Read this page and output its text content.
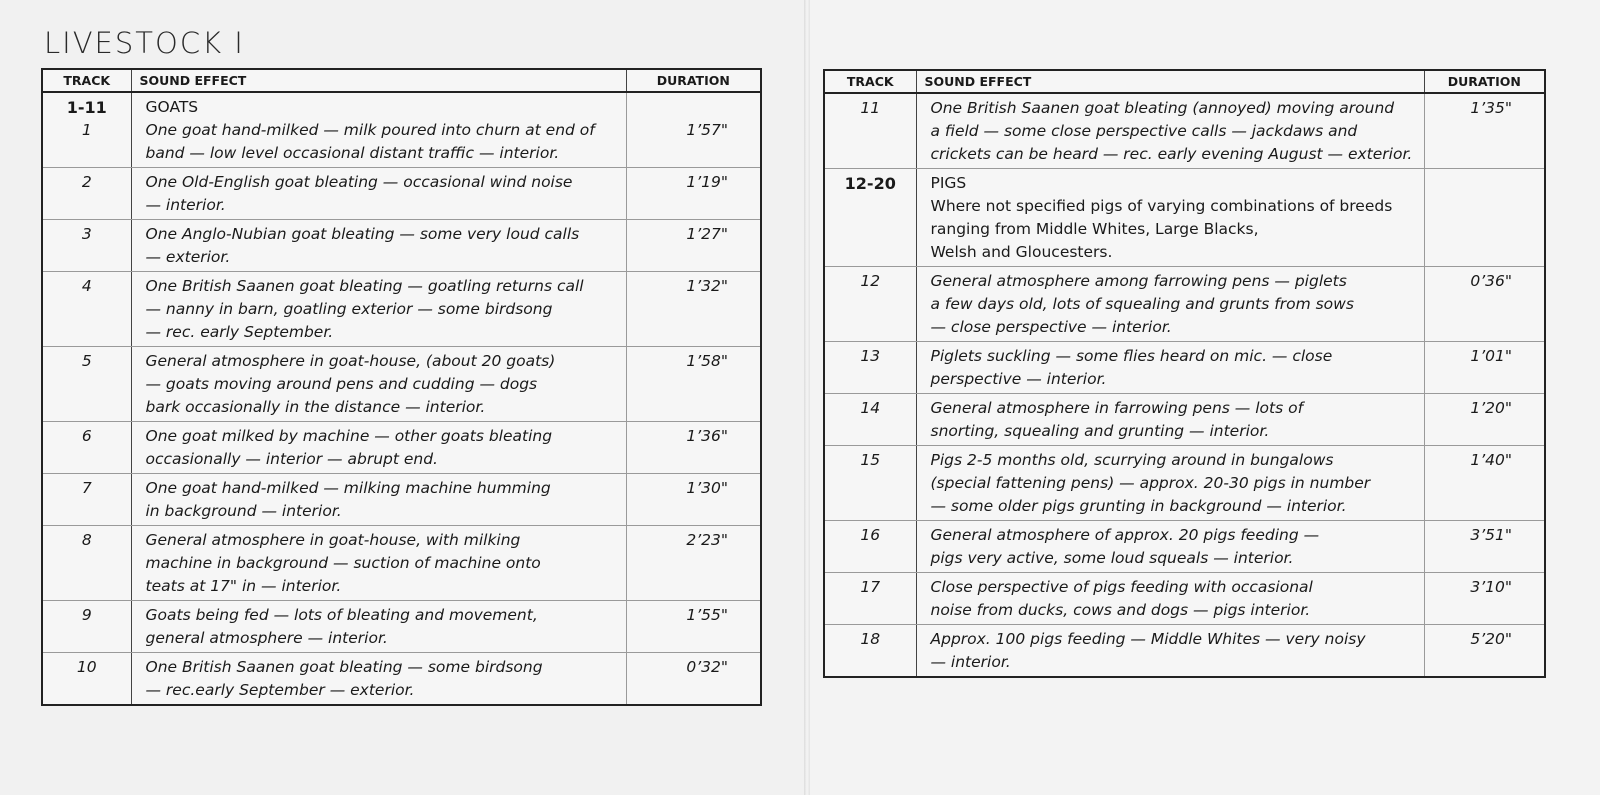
LIVESTOCK I
TRACK	SOUND EFFECT	DURATION

1-11
1	GOATS
One goat hand-milked — milk poured into churn at end of
band — low level occasional distant traffic — interior.	1’57"
2	One Old-English goat bleating — occasional wind noise
— interior.	1’19"
3	One Anglo-Nubian goat bleating — some very loud calls
— exterior.	1’27"
4	One British Saanen goat bleating — goatling returns call
— nanny in barn, goatling exterior — some birdsong
— rec. early September.	1’32"
5	General atmosphere in goat-house, (about 20 goats)
— goats moving around pens and cudding — dogs
bark occasionally in the distance — interior.	1’58"
6	One goat milked by machine — other goats bleating
occasionally — interior — abrupt end.	1’36"
7	One goat hand-milked — milking machine humming
in background — interior.	1’30"
8	General atmosphere in goat-house, with milking
machine in background — suction of machine onto
teats at 17" in — interior.	2’23"
9	Goats being fed — lots of bleating and movement,
general atmosphere — interior.	1’55"
10	One British Saanen goat bleating — some birdsong
— rec.early September — exterior.	0’32"
TRACK	SOUND EFFECT	DURATION
11	One British Saanen goat bleating (annoyed) moving around
a field — some close perspective calls — jackdaws and
crickets can be heard — rec. early evening August — exterior.	1’35"

12-20	PIGS
Where not specified pigs of varying combinations of breeds
ranging from Middle Whites, Large Blacks,
Welsh and Gloucesters.	

12	General atmosphere among farrowing pens — piglets
a few days old, lots of squealing and grunts from sows
— close perspective — interior.	0’36"
13	Piglets suckling — some flies heard on mic. — close
perspective — interior.	1’01"
14	General atmosphere in farrowing pens — lots of
snorting, squealing and grunting — interior.	1’20"
15	Pigs 2-5 months old, scurrying around in bungalows
(special fattening pens) — approx. 20-30 pigs in number
— some older pigs grunting in background — interior.	1’40"
16	General atmosphere of approx. 20 pigs feeding —
pigs very active, some loud squeals — interior.	3’51"
17	Close perspective of pigs feeding with occasional
noise from ducks, cows and dogs — pigs interior.	3’10"
18	Approx. 100 pigs feeding — Middle Whites — very noisy
— interior.	5’20"
